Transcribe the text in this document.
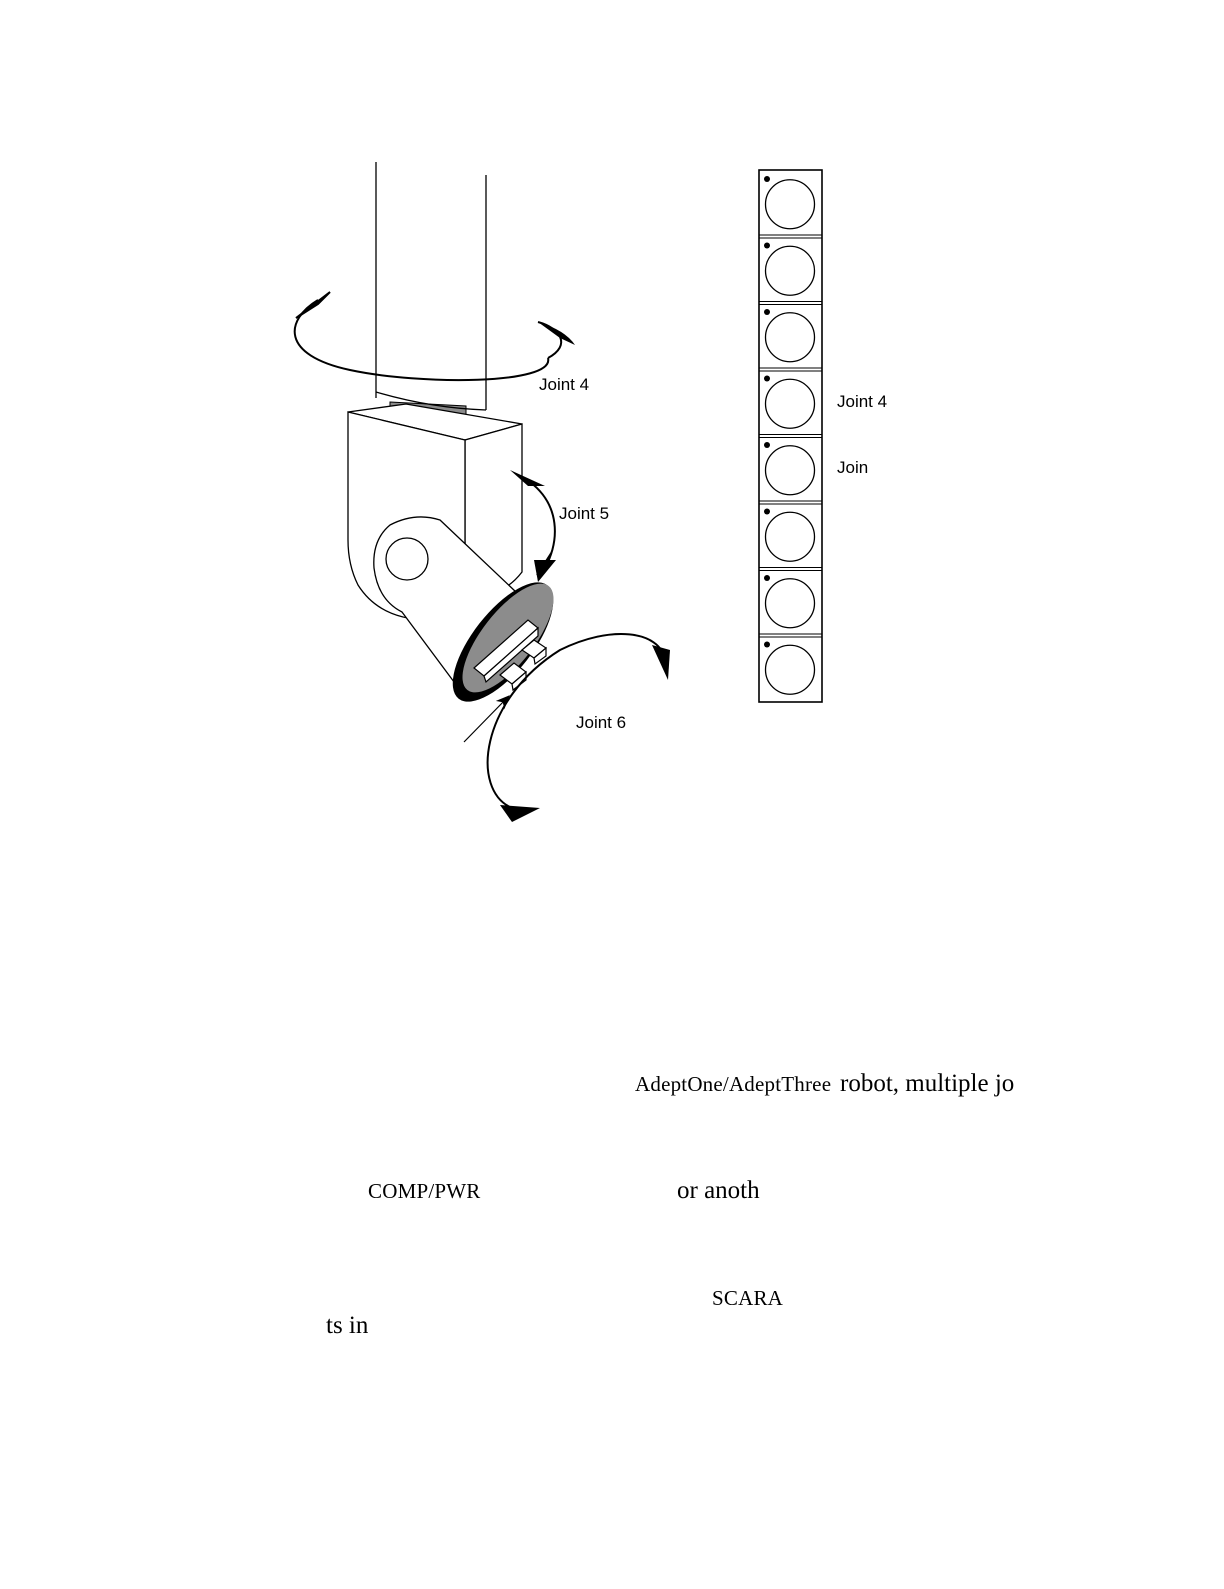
Joint 4
Joint 5
Joint 6
Joint 4
Join
AdeptOne/AdeptThree robot, multiple jo
COMP/PWR	or anoth
SCARA
ts in
